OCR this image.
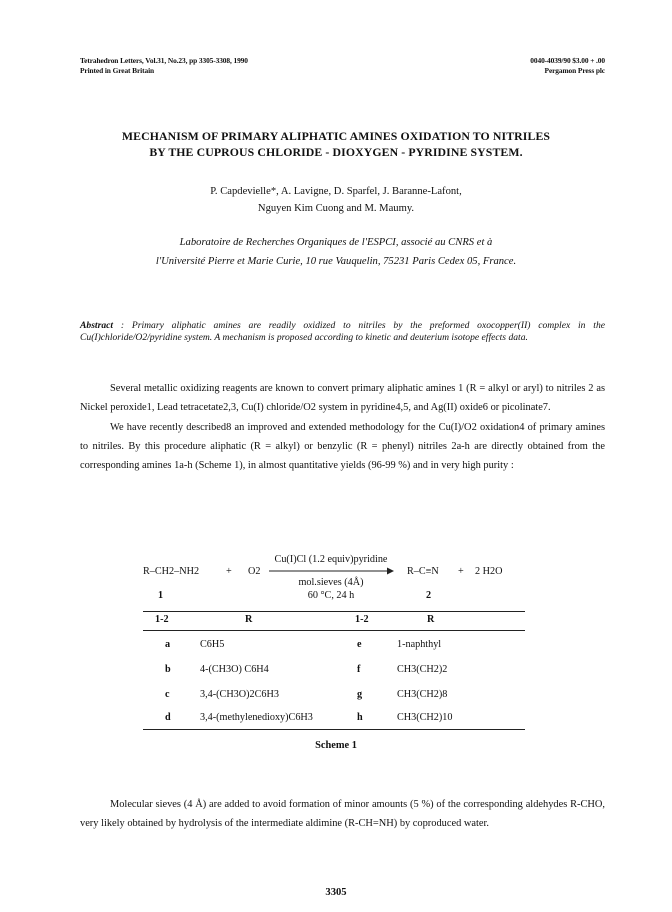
Tetrahedron Letters, Vol.31, No.23, pp 3305-3308, 1990
Printed in Great Britain
0040-4039/90 $3.00 + .00
Pergamon Press plc
MECHANISM OF PRIMARY ALIPHATIC AMINES OXIDATION TO NITRILES
BY THE CUPROUS CHLORIDE - DIOXYGEN - PYRIDINE SYSTEM.
P. Capdevielle*, A. Lavigne, D. Sparfel, J. Baranne-Lafont,
Nguyen Kim Cuong and M. Maumy.
Laboratoire de Recherches Organiques de l'ESPCI, associé au CNRS et à
l'Université Pierre et Marie Curie, 10 rue Vauquelin, 75231 Paris Cedex 05, France.
Abstract : Primary aliphatic amines are readily oxidized to nitriles by the preformed oxocopper(II) complex in the Cu(I)chloride/O2/pyridine system. A mechanism is proposed according to kinetic and deuterium isotope effects data.

Several metallic oxidizing reagents are known to convert primary aliphatic amines 1 (R = alkyl or aryl) to nitriles 2 as Nickel peroxide1, Lead tetracetate2,3, Cu(I) chloride/O2 system in pyridine4,5, and Ag(II) oxide6 or picolinate7.

We have recently described8 an improved and extended methodology for the Cu(I)/O2 oxidation4 of primary amines to nitriles. By this procedure aliphatic (R = alkyl) or benzylic (R = phenyl) nitriles 2a-h are directly obtained from the corresponding amines 1a-h (Scheme 1), in almost quantitative yields (96-99 %) and in very high purity :

R–CH2–NH2	+ O2
Cu(I)Cl (1.2 equiv)pyridine
mol.sieves (4Å)
60 °C, 24 h
R–C≡N + 2 H2O
1	2
1-2	R	1-2	R
a	C6H5	e	1-naphthyl
b	4-(CH3O) C6H4	f	CH3(CH2)2
c	3,4-(CH3O)2C6H3	g	CH3(CH2)8
d	3,4-(methylenedioxy)C6H3	h	CH3(CH2)10
Scheme 1

Molecular sieves (4 Å) are added to avoid formation of minor amounts (5 %) of the corresponding aldehydes R-CHO, very likely obtained by hydrolysis of the intermediate aldimine (R-CH=NH) by coproduced water.

3305
